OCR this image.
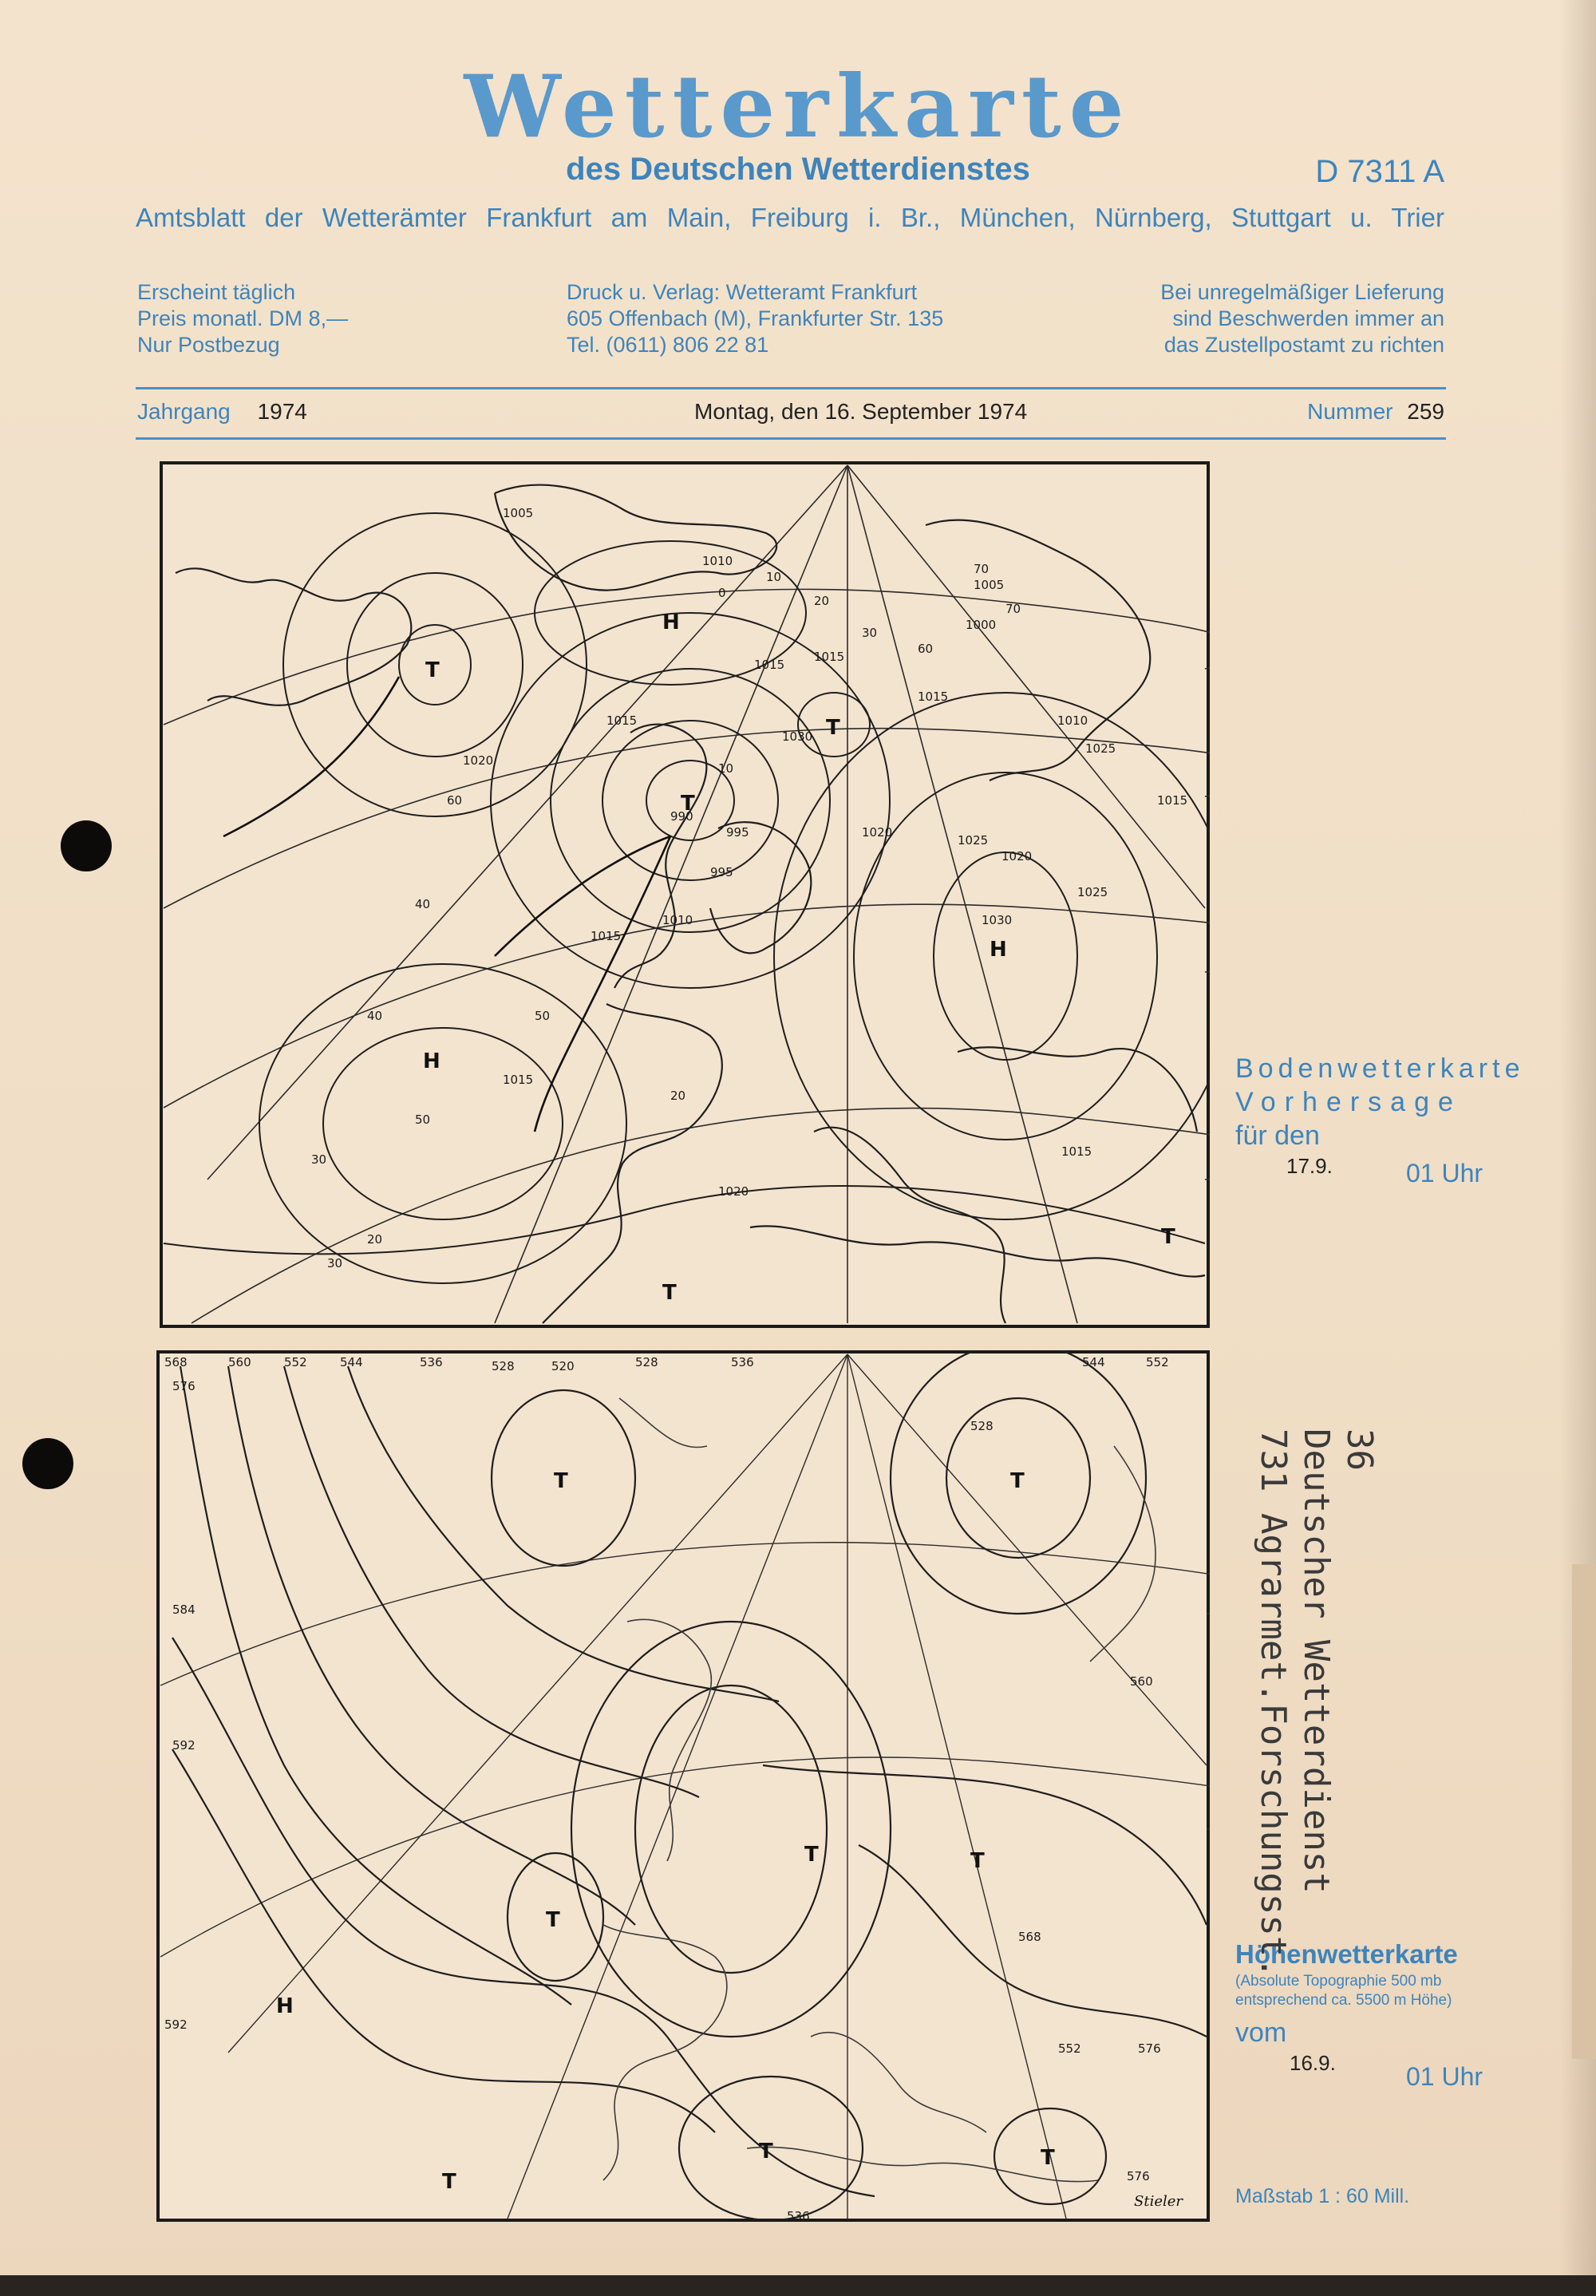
Wetterkarte
des Deutschen Wetterdienstes	D 7311 A
Amtsblatt der Wetterämter Frankfurt am Main, Freiburg i. Br., München, Nürnberg, Stuttgart u. Trier
Erscheint täglich
Preis monatl. DM 8,—
Nur Postbezug
Druck u. Verlag: Wetteramt Frankfurt
605 Offenbach (M), Frankfurter Str. 135
Tel. (0611) 806 22 81
Bei unregelmäßiger Lieferung
sind Beschwerden immer an
das Zustellpostamt zu richten
Jahrgang 1974	Montag, den 16. September 1974	Nummer 259
1005
1010
1015
1015
1020
1025
1025
1020
1030
1030
1020
1025
1015
1015
1010
1000
995
990
995
1010
1015
1005
1015
1015
1020
1015
70
70
60
60
50
50
40
40
30
30
20
20
10
0
10
20
30
H
H
H
T
T
T
T
T
Bodenwetterkarte
Vorhersage
für den
17.9.	01 Uhr
568	560	552	544	536	528	520	528	536	544	552
560
576
584
592
592
576
568
576
552
528
536
H
T	T
T
T
T	T
T
T
Stieler
Höhenwetterkarte
(Absolute Topographie 500 mb
entsprechend ca. 5500 m Höhe)
vom
16.9.	01 Uhr
Maßstab 1 : 60 Mill.
36
Deutscher Wetterdienst
731 Agrarmet.Forschungsst.
